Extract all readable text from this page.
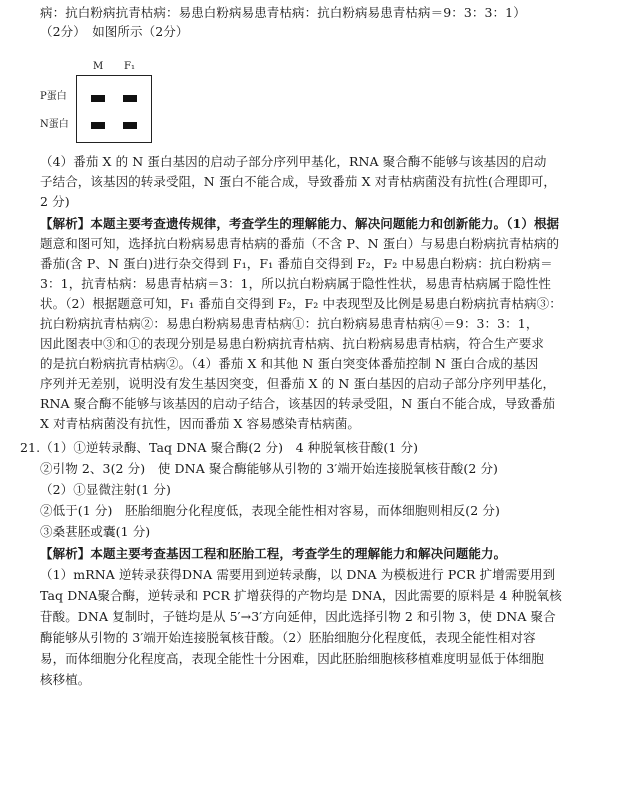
病：抗白粉病抗青枯病：易患白粉病易患青枯病：抗白粉病易患青枯病＝9：3：3：1）
（2分）　如图所示（2分）
M F₁
P蛋白
N蛋白
（4）番茄 X 的 N 蛋白基因的启动子部分序列甲基化，RNA 聚合酶不能够与该基因的启动
子结合，该基因的转录受阻，N 蛋白不能合成，导致番茄 X 对青枯病菌没有抗性(合理即可，
2 分)
【解析】本题主要考查遗传规律，考查学生的理解能力、解决问题能力和创新能力。（1）根据
题意和图可知，选择抗白粉病易患青枯病的番茄（不含 P、N 蛋白）与易患白粉病抗青枯病的
番茄(含 P、N 蛋白)进行杂交得到 F₁，F₁ 番茄自交得到 F₂，F₂ 中易患白粉病：抗白粉病＝
3：1，抗青枯病：易患青枯病＝3：1，所以抗白粉病属于隐性性状，易患青枯病属于隐性性
状。（2）根据题意可知，F₁ 番茄自交得到 F₂，F₂ 中表现型及比例是易患白粉病抗青枯病③：
抗白粉病抗青枯病②：易患白粉病易患青枯病①：抗白粉病易患青枯病④＝9：3：3：1，
因此图表中③和①的表现分别是易患白粉病抗青枯病、抗白粉病易患青枯病，符合生产要求
的是抗白粉病抗青枯病②。（4）番茄 X 和其他 N 蛋白突变体番茄控制 N 蛋白合成的基因
序列并无差别，说明没有发生基因突变，但番茄 X 的 N 蛋白基因的启动子部分序列甲基化，
RNA 聚合酶不能够与该基因的启动子结合，该基因的转录受阻，N 蛋白不能合成，导致番茄
X 对青枯病菌没有抗性，因而番茄 X 容易感染青枯病菌。
21.（1）①逆转录酶、Taq DNA 聚合酶(2 分)　4 种脱氧核苷酸(1 分)
②引物 2、3(2 分)　使 DNA 聚合酶能够从引物的 3′端开始连接脱氧核苷酸(2 分)
（2）①显微注射(1 分)
②低于(1 分)　胚胎细胞分化程度低，表现全能性相对容易，而体细胞则相反(2 分)
③桑葚胚或囊(1 分)
【解析】本题主要考查基因工程和胚胎工程，考查学生的理解能力和解决问题能力。
（1）mRNA 逆转录获得DNA 需要用到逆转录酶，以 DNA 为模板进行 PCR 扩增需要用到
Taq DNA聚合酶，逆转录和 PCR 扩增获得的产物均是 DNA，因此需要的原料是 4 种脱氧核
苷酸。DNA 复制时，子链均是从 5′→3′方向延伸，因此选择引物 2 和引物 3，使 DNA 聚合
酶能够从引物的 3′端开始连接脱氧核苷酸。（2）胚胎细胞分化程度低，表现全能性相对容
易，而体细胞分化程度高，表现全能性十分困难，因此胚胎细胞核移植难度明显低于体细胞
核移植。
